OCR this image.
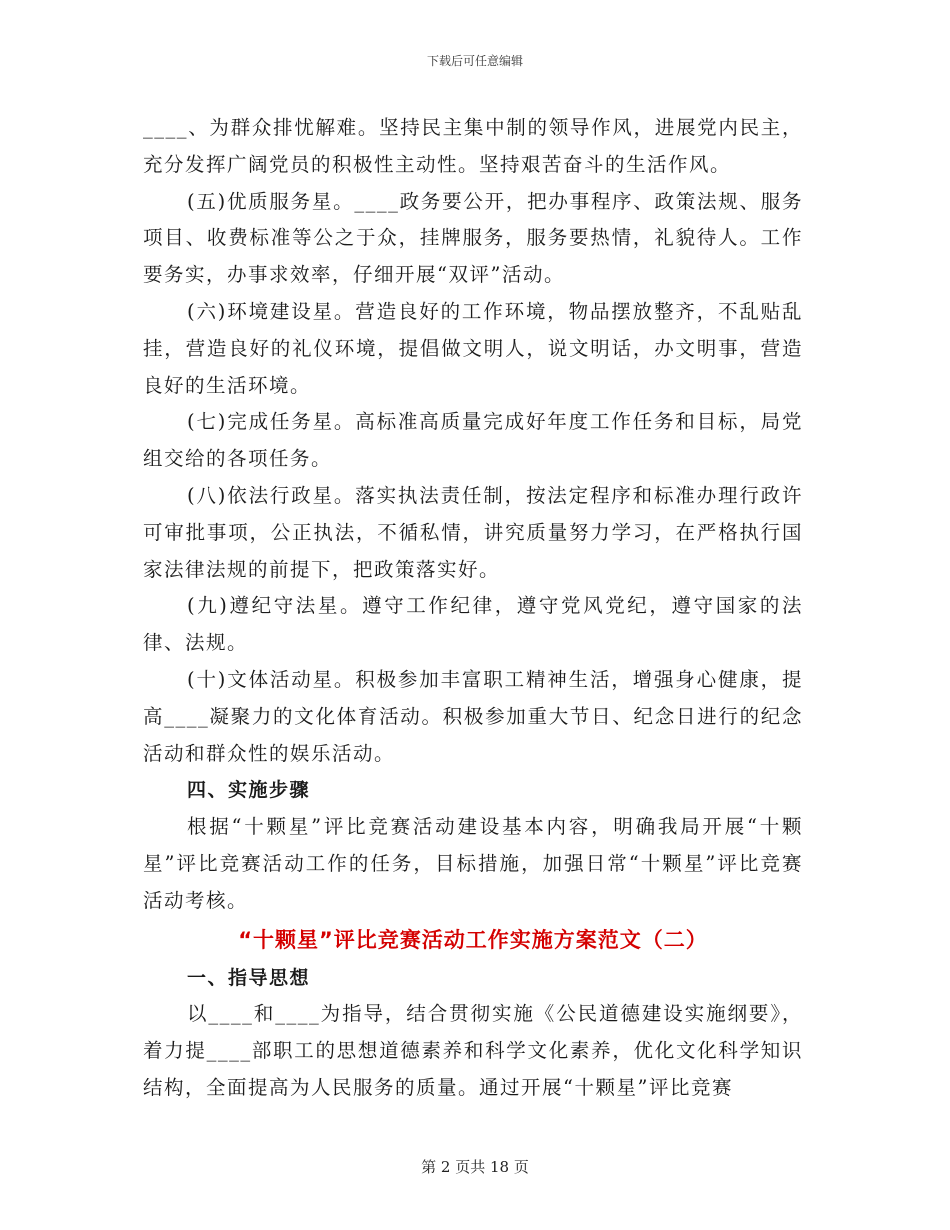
下载后可任意编辑

____、为群众排忧解难。坚持民主集中制的领导作风，进展党内民主，充分发挥广阔党员的积极性主动性。坚持艰苦奋斗的生活作风。

(五)优质服务星。____政务要公开，把办事程序、政策法规、服务项目、收费标准等公之于众，挂牌服务，服务要热情，礼貌待人。工作要务实，办事求效率，仔细开展“双评”活动。

(六)环境建设星。营造良好的工作环境，物品摆放整齐，不乱贴乱挂，营造良好的礼仪环境，提倡做文明人，说文明话，办文明事，营造良好的生活环境。

(七)完成任务星。高标准高质量完成好年度工作任务和目标，局党组交给的各项任务。

(八)依法行政星。落实执法责任制，按法定程序和标准办理行政许可审批事项，公正执法，不循私情，讲究质量努力学习，在严格执行国家法律法规的前提下，把政策落实好。

(九)遵纪守法星。遵守工作纪律，遵守党风党纪，遵守国家的法律、法规。

(十)文体活动星。积极参加丰富职工精神生活，增强身心健康，提高____凝聚力的文化体育活动。积极参加重大节日、纪念日进行的纪念活动和群众性的娱乐活动。

四、实施步骤

根据“十颗星”评比竞赛活动建设基本内容，明确我局开展“十颗星”评比竞赛活动工作的任务，目标措施，加强日常“十颗星”评比竞赛活动考核。

“十颗星”评比竞赛活动工作实施方案范文（二）

一、指导思想

以____和____为指导，结合贯彻实施《公民道德建设实施纲要》，着力提____部职工的思想道德素养和科学文化素养，优化文化科学知识结构，全面提高为人民服务的质量。通过开展“十颗星”评比竞赛

第 2 页共 18 页
